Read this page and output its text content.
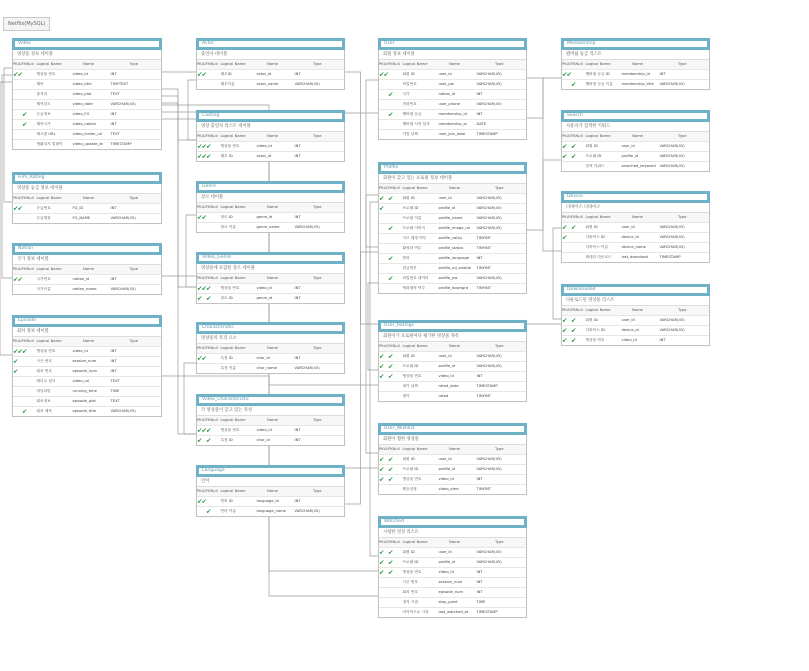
Netflix(MySQL)
Video
영상물 정보 데이블
PK AI FK Null Logical Name	Name	Type
✔ ✔	영상물 번호	video_id	INT
제목	video_title	TINYTEXT
줄거리	video_plot	TEXT
제작년도	video_date	VARCHAR(45)
✔	등급정보	video_FG	INT
✔	제작국가	video_nation	INT
예고편 URL	video_trailer_url	TEXT
생활되지 업데이	video_update_at	TIMESTAMP
Film_Rating
영상물 등급 정보 데이블
PK AI FK Null Logical Name	Name	Type
✔ ✔	등급번호	FG_ID	INT
등급명칭	FG_NAME	VARCHAR(45)
Nation
국가 정보 데이블
PK AI FK Null Logical Name	Name	Type
✔ ✔	국가번호	nation_id	INT
국가이름	nation_name	VARCHAR(45)
Episode
회차 정보 데이블
PK AI FK Null Logical Name	Name	Type
✔ ✔ ✔	영상물 번호	video_id	INT
✔	시즌 번호	session_num	INT
✔	회차 번호	episode_num	INT
에디오 링크	video_url	TEXT
러닝타임	running_time	TIME
회차정보	episode_plot	TEXT
✔	회차 제목	episode_title	VARCHAR(45)
Actor
출연자 데이블
PK AI FK Null Logical Name	Name	Type
✔ ✔	배우ID	actor_id	INT
배우이름	actor_name	VARCHAR(45)
Casting
영상 출연자 리스트 데이블
PK AI FK Null Logical Name	Name	Type
✔ ✔ ✔	영상물 번호	video_id	INT
✔ ✔ ✔	배우 ID	actor_id	INT
Genre
장르 데이블
PK AI FK Null Logical Name	Name	Type
✔ ✔	장르 ID	genre_id	INT
장르 이름	genre_name	VARCHAR(45)
Video_Genre
영상물에 포함된 장르 데이블
PK AI FK Null Logical Name	Name	Type
✔ ✔ ✔	영상물 번호	video_id	INT
✔ ✔	장르 ID	genre_id	INT
Characteristic
영상물의 특징 요소
PK AI FK Null Logical Name	Name	Type
✔ ✔	특징 ID	char_id	INT
특징 이름	char_name	VARCHAR(45)
Video_Characteristic
각 영상물이 갖고 있는 특성
PK AI FK Null Logical Name	Name	Type
✔ ✔ ✔	영상물 번호	video_id	INT
✔ ✔	특징 ID	char_id	INT
Language
언어
PK AI FK Null Logical Name	Name	Type
✔ ✔	언어 ID	language_id	INT
✔	언어 이름	language_name	VARCHAR(45)
User
회원 정보 데이블
PK AI FK Null Logical Name	Name	Type
✔ ✔	회원 ID	user_id	VARCHAR(45)
비밀번호	user_pw	VARCHAR(45)
✔	국가	nation_id	INT
전화번호	user_phone	VARCHAR(45)
✔	멤버쉽 등급	membership_id	INT
멤버쉽 시작 일자	membership_st	DATE
가입 날짜	user_join_date	TIMESTAMP
Profile
회원이 갖고 있는 프로필 정보 데이블
PK AI FK Null Logical Name	Name	Type
✔ ✔	회원 ID	user_id	VARCHAR(45)
✔	프로필 ID	profile_id	VARCHAR(45)
프로필 이름	profile_name	VARCHAR(45)
✔	프로필 이미지	profile_image_url	VARCHAR(45)
키즈 계정 여부	profile_cat(s)	TINYINT
활성화 여부	profile_status	TINYINT
✔	언어	profile_language	INT
잠금여부	profile_nd_enable	TINYINT
✔	비밀번호 데이터	profile_pw	VARCHAR(45)
영화재정 여부	profile_downgrd	TINYINT
User_Ratings
회원이가 프로필마다 평가한 영상물 목록
PK AI FK Null Logical Name	Name	Type
✔ ✔	회원 ID	user_id	VARCHAR(45)
✔ ✔	프로필 ID	profile_id	VARCHAR(45)
✔ ✔	영상물 번호	video_id	INT
평가 날짜	rated_date	TIMESTAMP
평가	rated	TINYINT
User_Wishlist
회원이 찜한 영상물
PK AI FK Null Logical Name	Name	Type
✔ ✔	회원 ID	user_id	VARCHAR(45)
✔ ✔	프로필 ID	profile_id	VARCHAR(45)
✔ ✔	영상물 번호	video_id	INT
찜등설정	video_alert	TINYINT
Watched
시청한 영상 리스트
PK AI FK Null Logical Name	Name	Type
✔ ✔	회원 ID	user_id	VARCHAR(45)
✔ ✔	프로필 ID	profile_id	VARCHAR(45)
✔ ✔	영상물 번호	video_id	INT
시즌 번호	session_num	INT
회차 번호	episode_num	INT
정지 시점	stop_point	TIME
마지막으로 시청	last_watched_at	TIMESTAMP
Membership
멤버쉽 등급 리스트
PK AI FK Null Logical Name	Name	Type
✔ ✔	멤버쉽 등급 ID	membership_id	INT
✔	멤버쉽 등급 이름	membership_title	VARCHAR(45)
Search
사용자가 검색한 키워드
PK AI FK Null Logical Name	Name	Type
✔ ✔	회원 ID	user_id	VARCHAR(45)
✔ ✔	프로필 ID	profile_id	VARCHAR(45)
검색 키워드	searched_keyword	VARCHAR(45)
Device
디바이스 디바이스
PK AI FK Null Logical Name	Name	Type
✔ ✔	회원 ID	user_id	VARCHAR(45)
✔	디바이스 ID	device_id	VARCHAR(45)
디바이스 이름	device_name	VARCHAR(45)
최대한 다운로드	last_download	TIMESTAMP
Downloaded
다운로드된 영상물 리스트
PK AI FK Null Logical Name	Name	Type
✔ ✔	회원 ID	user_id	VARCHAR(45)
✔ ✔	디바이스 ID	device_id	VARCHAR(45)
✔ ✔	영상물 번호	video_id	INT
